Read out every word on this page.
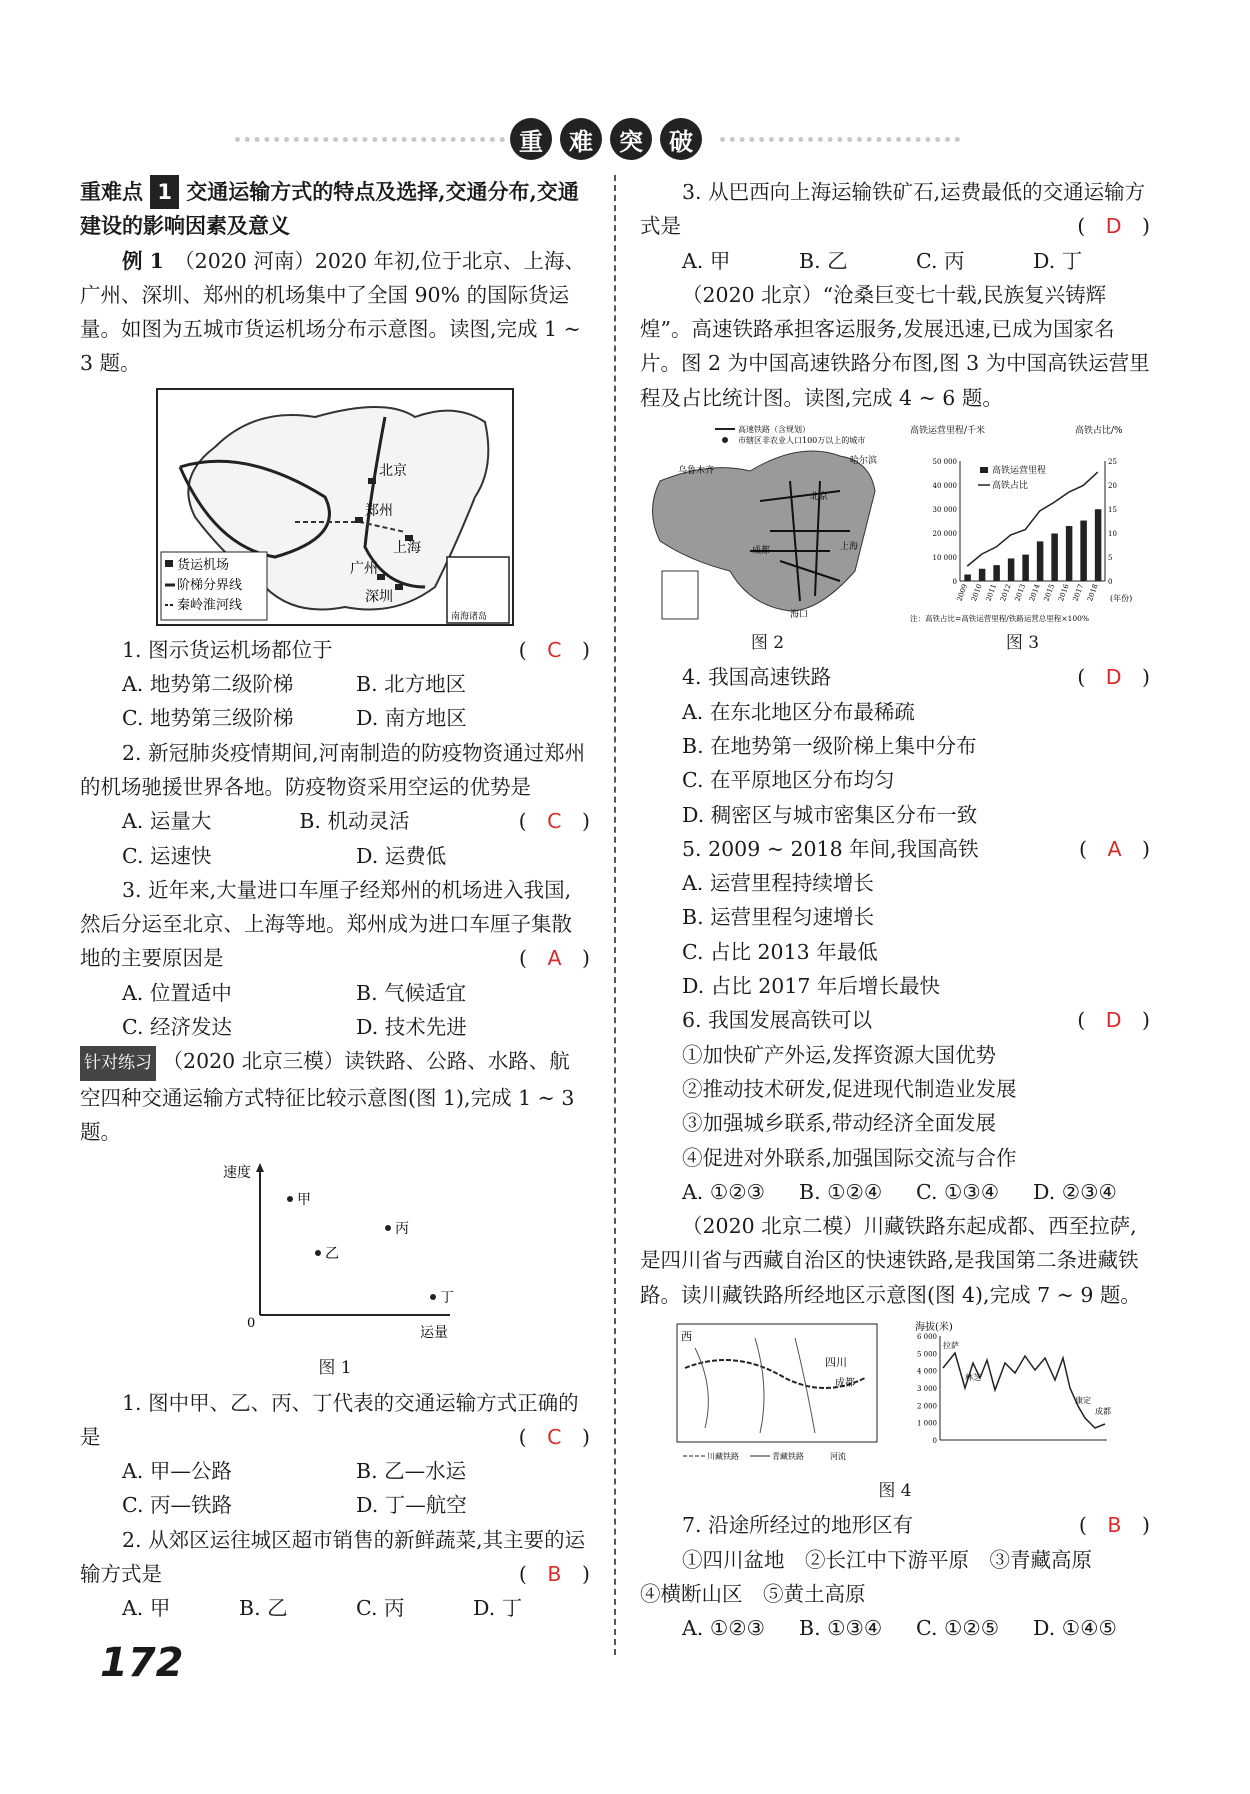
重	难	突	破

重难点 1 交通运输方式的特点及选择,交通分布,交通建设的影响因素及意义

例 1　 （2020 河南）2020 年初,位于北京、上海、广州、深圳、郑州的机场集中了全国 90% 的国际货运量。如图为五城市货运机场分布示意图。读图,完成 1 ~ 3 题。

北京
郑州
上海
广州
深圳
南海诸岛
货运机场
阶梯分界线
秦岭淮河线

1. 图示货运机场都位于	(　C　)

A. 地势第二级阶梯	B. 北方地区

C. 地势第三级阶梯	D. 南方地区

2. 新冠肺炎疫情期间,河南制造的防疫物资通过郑州的机场驰援世界各地。防疫物资采用空运的优势是
(　C　)

A. 运量大	B. 机动灵活

C. 运速快	D. 运费低

3. 近年来,大量进口车厘子经郑州的机场进入我国,然后分运至北京、上海等地。郑州成为进口车厘子集散地的主要原因是	(　A　)

A. 位置适中	B. 气候适宜

C. 经济发达	D. 技术先进

针对练习 （2020 北京三模）读铁路、公路、水路、航空四种交通运输方式特征比较示意图(图 1),完成 1 ~ 3 题。

速度
运量
0
甲
乙
丙
丁
图 1

1. 图中甲、乙、丙、丁代表的交通运输方式正确的是	(　C　)

A. 甲—公路	B. 乙—水运

C. 丙—铁路	D. 丁—航空

2. 从郊区运往城区超市销售的新鲜蔬菜,其主要的运输方式是	(　B　)

A. 甲	B. 乙	C. 丙	D. 丁

3. 从巴西向上海运输铁矿石,运费最低的交通运输方式是	(　D　)

A. 甲	B. 乙	C. 丙	D. 丁

（2020 北京）“沧桑巨变七十载,民族复兴铸辉煌”。高速铁路承担客运服务,发展迅速,已成为国家名片。图 2 为中国高速铁路分布图,图 3 为中国高铁运营里程及占比统计图。读图,完成 4 ~ 6 题。

高速铁路（含规划）
市辖区非农业人口100万以上的城市
乌鲁木齐
哈尔滨
北京
上海
成都
海口
高铁运营里程/千米	高铁占比/%
2009 2010 2011 2012 2013 2014 2015 2016 2017 2018
0
10 000
20 000
30 000
40 000
50 000
0
5
10
15
20
25
高铁运营里程
高铁占比
(年份)
注：高铁占比=高铁运营里程/铁路运营总里程×100%
图 2	图 3

4. 我国高速铁路	(　D　)

A. 在东北地区分布最稀疏

B. 在地势第一级阶梯上集中分布

C. 在平原地区分布均匀

D. 稠密区与城市密集区分布一致

5. 2009 ~ 2018 年间,我国高铁	(　A　)

A. 运营里程持续增长

B. 运营里程匀速增长

C. 占比 2013 年最低

D. 占比 2017 年后增长最快

6. 我国发展高铁可以	(　D　)

①加快矿产外运,发挥资源大国优势

②推动技术研发,促进现代制造业发展

③加强城乡联系,带动经济全面发展

④促进对外联系,加强国际交流与合作

A. ①②③	B. ①②④	C. ①③④	D. ②③④

（2020 北京二模）川藏铁路东起成都、西至拉萨,是四川省与西藏自治区的快速铁路,是我国第二条进藏铁路。读川藏铁路所经地区示意图(图 4),完成 7 ~ 9 题。

西
四川
成都
川藏铁路	青藏铁路	河流
海拔(米)
0
1 000
2 000
3 000
4 000
5 000
6 000
拉萨
林芝
康定
成都
图 4

7. 沿途所经过的地形区有	(　B　)

①四川盆地　②长江中下游平原　③青藏高原

④横断山区　⑤黄土高原

A. ①②③	B. ①③④	C. ①②⑤	D. ①④⑤

172
